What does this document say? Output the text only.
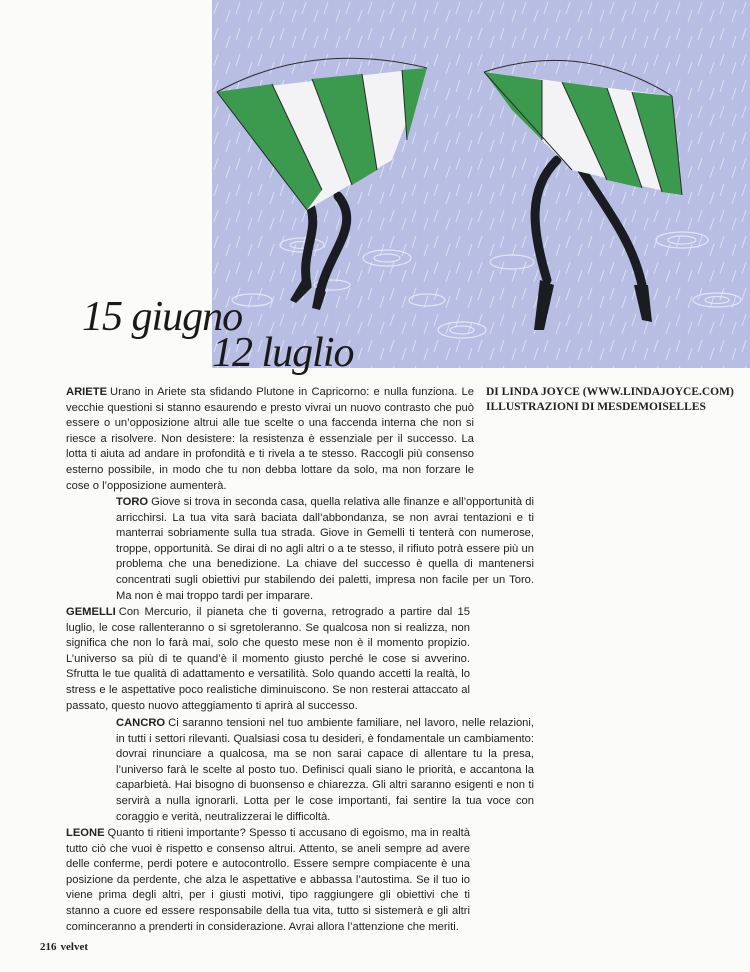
15 giugno
12 luglio
DI LINDA JOYCE (WWW.LINDAJOYCE.COM)
ILLUSTRAZIONI DI MESDEMOISELLES

ARIETE Urano in Ariete sta sfidando Plutone in Capricorno: e nulla funziona. Le vecchie questioni si stanno esaurendo e presto vivrai un nuovo contrasto che può essere o un’opposizione altrui alle tue scelte o una faccenda interna che non si riesce a risolvere. Non desistere: la resistenza è essenziale per il successo. La lotta ti aiuta ad andare in profondità e ti rivela a te stesso. Raccogli più consenso esterno possibile, in modo che tu non debba lottare da solo, ma non forzare le cose o l’opposizione aumenterà.

TORO Giove si trova in seconda casa, quella relativa alle finanze e all’opportunità di arricchirsi. La tua vita sarà baciata dall’abbondanza, se non avrai tentazioni e ti manterrai sobriamente sulla tua strada. Giove in Gemelli ti tenterà con numerose, troppe, opportunità. Se dirai di no agli altri o a te stesso, il rifiuto potrà essere più un problema che una benedizione. La chiave del successo è quella di mantenersi concentrati sugli obiettivi pur stabilendo dei paletti, impresa non facile per un Toro. Ma non è mai troppo tardi per imparare.

GEMELLI Con Mercurio, il pianeta che ti governa, retrogrado a partire dal 15 luglio, le cose rallenteranno o si sgretoleranno. Se qualcosa non si realizza, non significa che non lo farà mai, solo che questo mese non è il momento propizio. L’universo sa più di te quand’è il momento giusto perché le cose si avverino. Sfrutta le tue qualità di adattamento e versatilità. Solo quando accetti la realtà, lo stress e le aspettative poco realistiche diminuiscono. Se non resterai attaccato al passato, questo nuovo atteggiamento ti aprirà al successo.

CANCRO Ci saranno tensioni nel tuo ambiente familiare, nel lavoro, nelle relazioni, in tutti i settori rilevanti. Qualsiasi cosa tu desideri, è fondamentale un cambiamento: dovrai rinunciare a qualcosa, ma se non sarai capace di allentare tu la presa, l’universo farà le scelte al posto tuo. Definisci quali siano le priorità, e accantona la caparbietà. Hai bisogno di buonsenso e chiarezza. Gli altri saranno esigenti e non ti servirà a nulla ignorarli. Lotta per le cose importanti, fai sentire la tua voce con coraggio e verità, neutralizzerai le difficoltà.

LEONE Quanto ti ritieni importante? Spesso ti accusano di egoismo, ma in realtà tutto ciò che vuoi è rispetto e consenso altrui. Attento, se aneli sempre ad avere delle conferme, perdi potere e autocontrollo. Essere sempre compiacente è una posizione da perdente, che alza le aspettative e abbassa l’autostima. Se il tuo io viene prima degli altri, per i giusti motivi, tipo raggiungere gli obiettivi che ti stanno a cuore ed essere responsabile della tua vita, tutto si sistemerà e gli altri cominceranno a prenderti in considerazione. Avrai allora l’attenzione che meriti.

216 velvet
